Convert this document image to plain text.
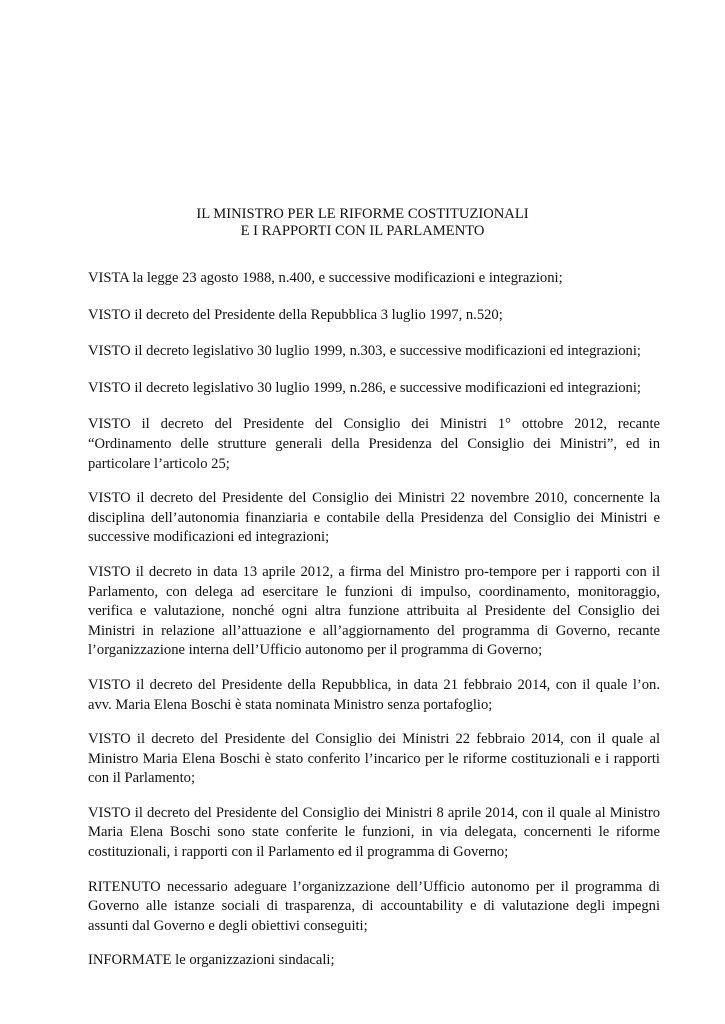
IL MINISTRO PER LE RIFORME COSTITUZIONALI
E I RAPPORTI CON IL PARLAMENTO

VISTA la legge 23 agosto 1988, n.400, e successive modificazioni e integrazioni;

VISTO il decreto del Presidente della Repubblica 3 luglio 1997, n.520;

VISTO il decreto legislativo 30 luglio 1999, n.303, e successive modificazioni ed integrazioni;

VISTO il decreto legislativo 30 luglio 1999, n.286, e successive modificazioni ed integrazioni;

VISTO il decreto del Presidente del Consiglio dei Ministri 1° ottobre 2012, recante “Ordinamento delle strutture generali della Presidenza del Consiglio dei Ministri”, ed in particolare l’articolo 25;

VISTO il decreto del Presidente del Consiglio dei Ministri 22 novembre 2010, concernente la disciplina dell’autonomia finanziaria e contabile della Presidenza del Consiglio dei Ministri e successive modificazioni ed integrazioni;

VISTO il decreto in data 13 aprile 2012, a firma del Ministro pro-tempore per i rapporti con il Parlamento, con delega ad esercitare le funzioni di impulso, coordinamento, monitoraggio, verifica e valutazione, nonché ogni altra funzione attribuita al Presidente del Consiglio dei Ministri in relazione all’attuazione e all’aggiornamento del programma di Governo, recante l’organizzazione interna dell’Ufficio autonomo per il programma di Governo;

VISTO il decreto del Presidente della Repubblica, in data 21 febbraio 2014, con il quale l’on. avv. Maria Elena Boschi è stata nominata Ministro senza portafoglio;

VISTO il decreto del Presidente del Consiglio dei Ministri 22 febbraio 2014, con il quale al Ministro Maria Elena Boschi è stato conferito l’incarico per le riforme costituzionali e i rapporti con il Parlamento;

VISTO il decreto del Presidente del Consiglio dei Ministri 8 aprile 2014, con il quale al Ministro Maria Elena Boschi sono state conferite le funzioni, in via delegata, concernenti le riforme costituzionali, i rapporti con il Parlamento ed il programma di Governo;

RITENUTO necessario adeguare l’organizzazione dell’Ufficio autonomo per il programma di Governo alle istanze sociali di trasparenza, di accountability e di valutazione degli impegni assunti dal Governo e degli obiettivi conseguiti;

INFORMATE le organizzazioni sindacali;
